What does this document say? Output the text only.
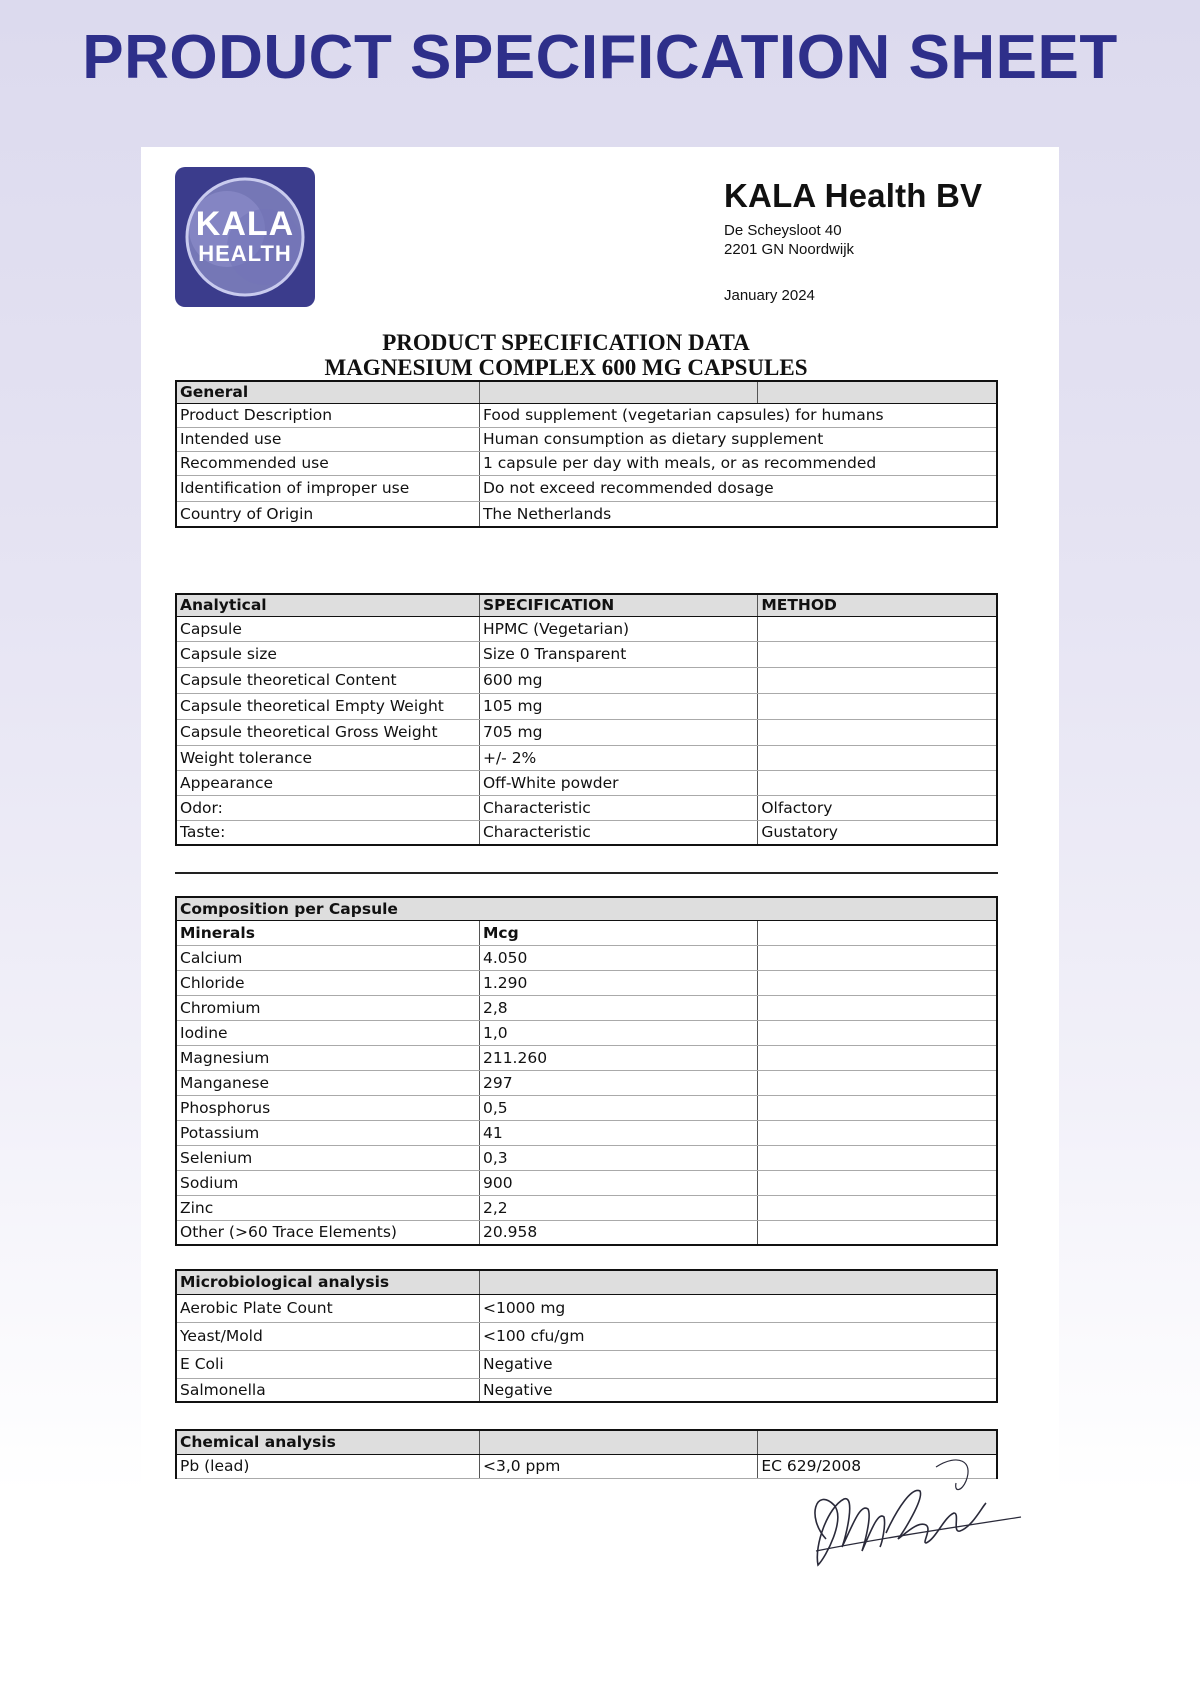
PRODUCT SPECIFICATION SHEET
KALA
HEALTH
KALA Health BV
De Scheysloot 40
2201 GN Noordwijk
January 2024
PRODUCT SPECIFICATION DATA
MAGNESIUM COMPLEX 600 MG CAPSULES
General		
Product Description	Food supplement (vegetarian capsules) for humans	
Intended use	Human consumption as dietary supplement	
Recommended use	1 capsule per day with meals, or as recommended	
Identification of improper use	Do not exceed recommended dosage	
Country of Origin	The Netherlands	
Analytical	SPECIFICATION	METHOD
Capsule	HPMC (Vegetarian)	
Capsule size	Size 0 Transparent	
Capsule theoretical Content	600 mg	
Capsule theoretical Empty Weight	105 mg	
Capsule theoretical Gross Weight	705 mg	
Weight tolerance	+/- 2%	
Appearance	Off-White powder	
Odor:	Characteristic	Olfactory
Taste:	Characteristic	Gustatory
Composition per Capsule		
Minerals	Mcg	
Calcium	4.050	
Chloride	1.290	
Chromium	2,8	
Iodine	1,0	
Magnesium	211.260	
Manganese	297	
Phosphorus	0,5	
Potassium	41	
Selenium	0,3	
Sodium	900	
Zinc	2,2	
Other (>60 Trace Elements)	20.958	
Microbiological analysis	
Aerobic Plate Count	<1000 mg
Yeast/Mold	<100 cfu/gm
E Coli	Negative
Salmonella	Negative
Chemical analysis		
Pb (lead)	<3,0 ppm	EC 629/2008
